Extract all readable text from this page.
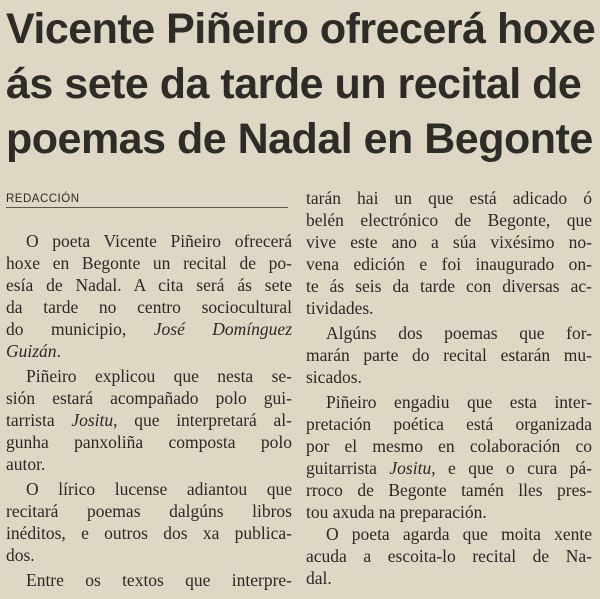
Vicente Piñeiro ofrecerá hoxe
ás sete da tarde un recital de
poemas de Nadal en Begonte
REDACCIÓN
O poeta Vicente Piñeiro ofrecerá
hoxe en Begonte un recital de po-
esía de Nadal. A cita será ás sete
da tarde no centro sociocultural
do municipio, José Domínguez
Guizán.
Piñeiro explicou que nesta se-
sión estará acompañado polo gui-
tarrista Jositu, que interpretará al-
gunha panxoliña composta polo
autor.
O lírico lucense adiantou que
recitará poemas dalgúns libros
inéditos, e outros dos xa publica-
dos.
Entre os textos que interpre-
tarán hai un que está adicado ó
belén electrónico de Begonte, que
vive este ano a súa vixésimo no-
vena edición e foi inaugurado on-
te ás seis da tarde con diversas ac-
tividades.
Algúns dos poemas que for-
marán parte do recital estarán mu-
sicados.
Piñeiro engadiu que esta inter-
pretación poética está organizada
por el mesmo en colaboración co
guitarrista Jositu, e que o cura pá-
rroco de Begonte tamén lles pres-
tou axuda na preparación.
O poeta agarda que moita xente
acuda a escoita-lo recital de Na-
dal.
